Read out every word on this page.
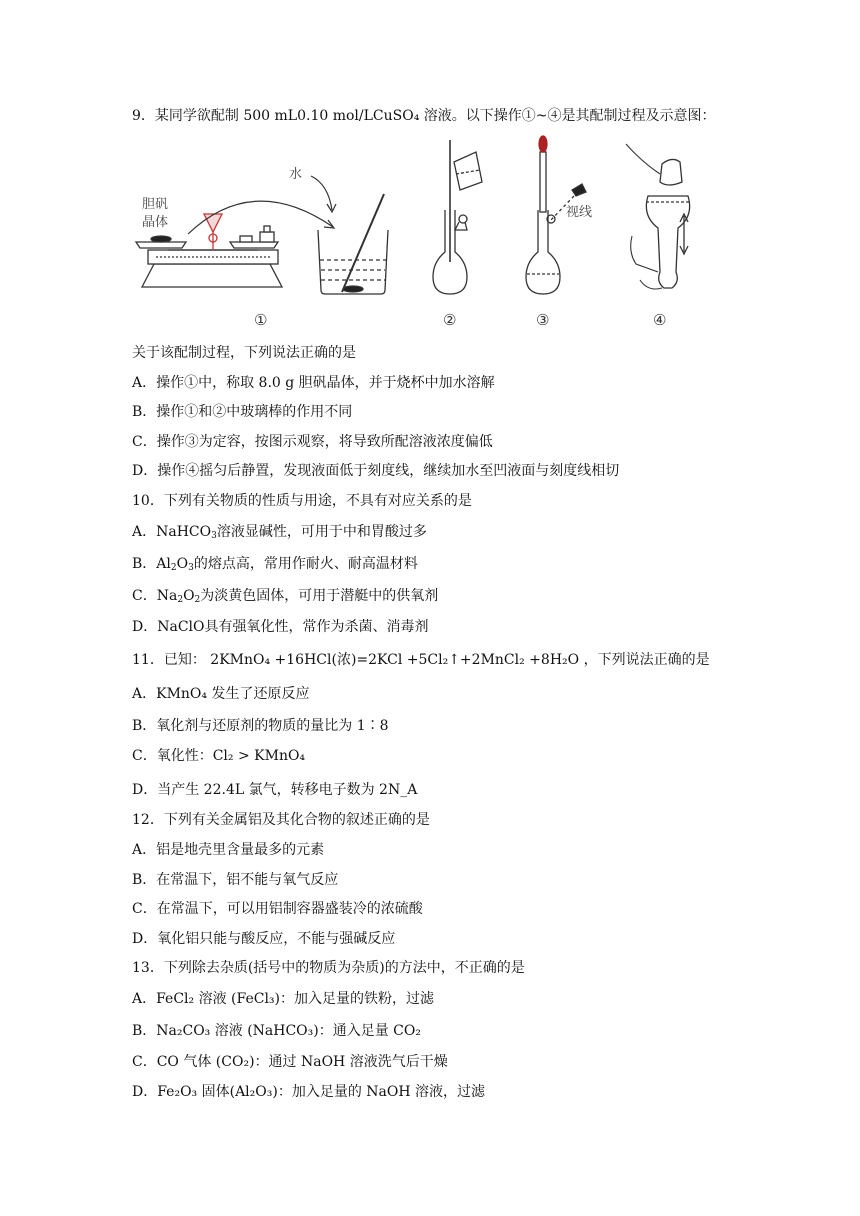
9．某同学欲配制 500 mL0.10 mol/LCuSO₄ 溶液。以下操作①~④是其配制过程及示意图：
胆矾
晶体
水
视线
①	②	③	④
关于该配制过程，下列说法正确的是
A．操作①中，称取 8.0 g 胆矾晶体，并于烧杯中加水溶解
B．操作①和②中玻璃棒的作用不同
C．操作③为定容，按图示观察，将导致所配溶液浓度偏低
D．操作④摇匀后静置，发现液面低于刻度线，继续加水至凹液面与刻度线相切
10．下列有关物质的性质与用途，不具有对应关系的是
A．NaHCO$_3$溶液显碱性，可用于中和胃酸过多
B．$Al_2O_3$的熔点高，常用作耐火、耐高温材料
C．$Na_2O_2$为淡黄色固体，可用于潜艇中的供氧剂
D．NaClO具有强氧化性，常作为杀菌、消毒剂
11．已知： 2KMnO₄ +16HCl(浓)=2KCl +5Cl₂↑+2MnCl₂ +8H₂O ，下列说法正确的是
A．KMnO₄ 发生了还原反应
B．氧化剂与还原剂的物质的量比为 1∶8
C．氧化性：Cl₂ > KMnO₄
D．当产生 22.4L 氯气，转移电子数为 2N_A
12．下列有关金属铝及其化合物的叙述正确的是
A．铝是地壳里含量最多的元素
B．在常温下，铝不能与氧气反应
C．在常温下，可以用铝制容器盛装冷的浓硫酸
D．氧化铝只能与酸反应，不能与强碱反应
13．下列除去杂质(括号中的物质为杂质)的方法中，不正确的是
A．FeCl₂ 溶液 (FeCl₃)：加入足量的铁粉，过滤
B．Na₂CO₃ 溶液 (NaHCO₃)：通入足量 CO₂
C．CO 气体 (CO₂)：通过 NaOH 溶液洗气后干燥
D．Fe₂O₃ 固体(Al₂O₃)：加入足量的 NaOH 溶液，过滤
